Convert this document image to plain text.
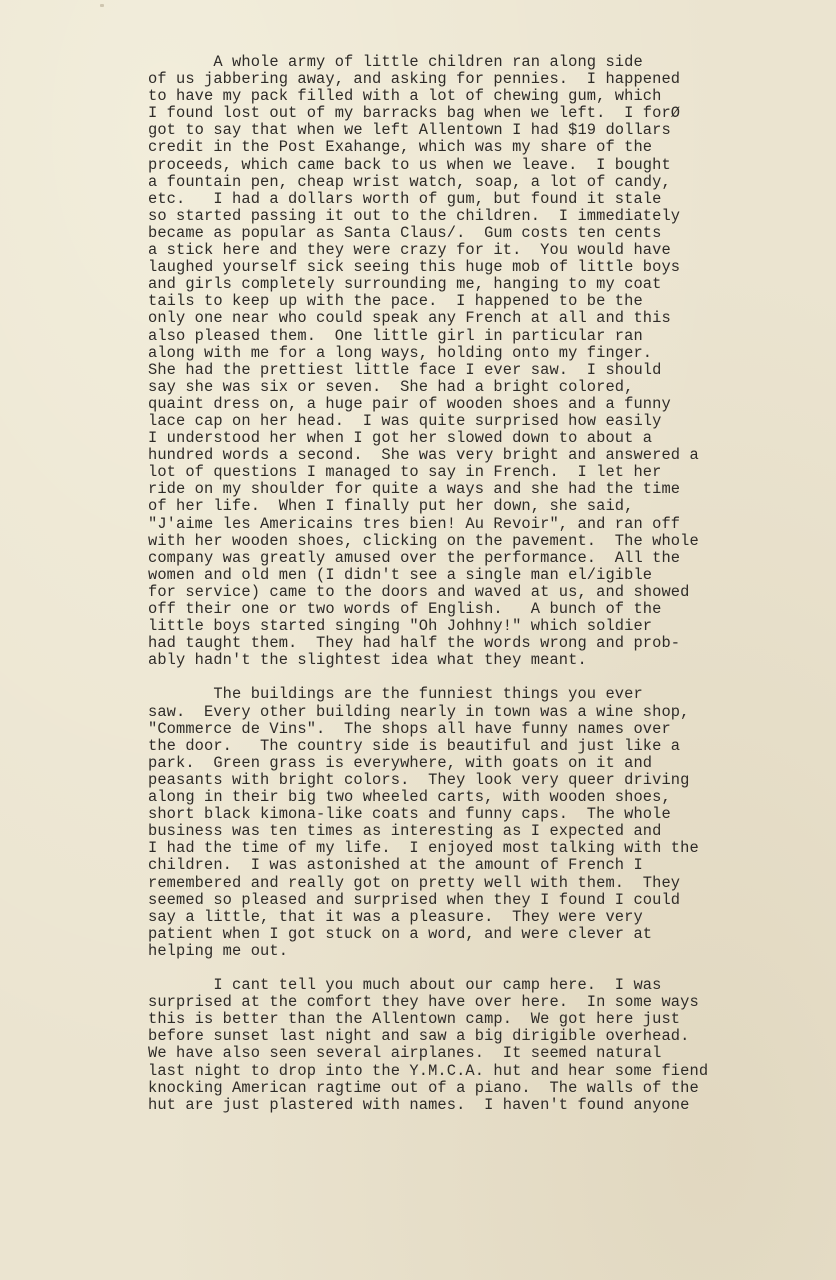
A whole army of little children ran along side
of us jabbering away, and asking for pennies.  I happened
to have my pack filled with a lot of chewing gum, which
I found lost out of my barracks bag when we left.  I forØ
got to say that when we left Allentown I had $19 dollars
credit in the Post Exahange, which was my share of the
proceeds, which came back to us when we leave.  I bought
a fountain pen, cheap wrist watch, soap, a lot of candy,
etc.   I had a dollars worth of gum, but found it stale
so started passing it out to the children.  I immediately
became as popular as Santa Claus/.  Gum costs ten cents
a stick here and they were crazy for it.  You would have
laughed yourself sick seeing this huge mob of little boys
and girls completely surrounding me, hanging to my coat
tails to keep up with the pace.  I happened to be the
only one near who could speak any French at all and this
also pleased them.  One little girl in particular ran
along with me for a long ways, holding onto my finger.
She had the prettiest little face I ever saw.  I should
say she was six or seven.  She had a bright colored,
quaint dress on, a huge pair of wooden shoes and a funny
lace cap on her head.  I was quite surprised how easily
I understood her when I got her slowed down to about a
hundred words a second.  She was very bright and answered a
lot of questions I managed to say in French.  I let her
ride on my shoulder for quite a ways and she had the time
of her life.  When I finally put her down, she said,
"J'aime les Americains tres bien! Au Revoir", and ran off
with her wooden shoes, clicking on the pavement.  The whole
company was greatly amused over the performance.  All the
women and old men (I didn't see a single man el/igible
for service) came to the doors and waved at us, and showed
off their one or two words of English.   A bunch of the
little boys started singing "Oh Johhny!" which soldier
had taught them.  They had half the words wrong and prob-
ably hadn't the slightest idea what they meant.
The buildings are the funniest things you ever
saw.  Every other building nearly in town was a wine shop,
"Commerce de Vins".  The shops all have funny names over
the door.   The country side is beautiful and just like a
park.  Green grass is everywhere, with goats on it and
peasants with bright colors.  They look very queer driving
along in their big two wheeled carts, with wooden shoes,
short black kimona-like coats and funny caps.  The whole
business was ten times as interesting as I expected and
I had the time of my life.  I enjoyed most talking with the
children.  I was astonished at the amount of French I
remembered and really got on pretty well with them.  They
seemed so pleased and surprised when they I found I could
say a little, that it was a pleasure.  They were very
patient when I got stuck on a word, and were clever at
helping me out.
I cant tell you much about our camp here.  I was
surprised at the comfort they have over here.  In some ways
this is better than the Allentown camp.  We got here just
before sunset last night and saw a big dirigible overhead.
We have also seen several airplanes.  It seemed natural
last night to drop into the Y.M.C.A. hut and hear some fiend
knocking American ragtime out of a piano.  The walls of the
hut are just plastered with names.  I haven't found anyone
